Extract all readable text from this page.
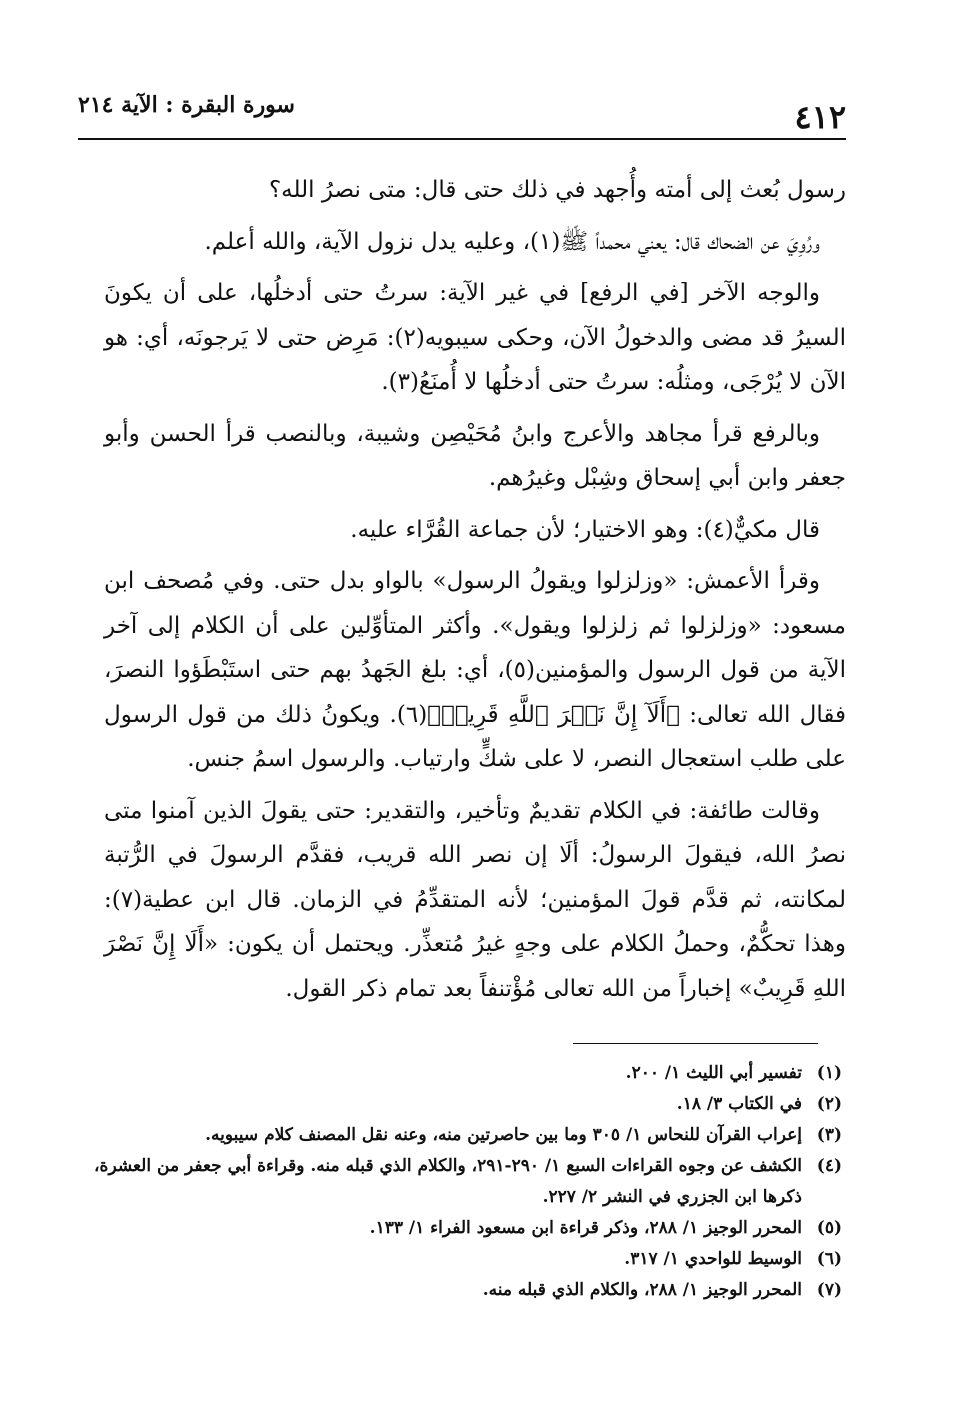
٤١٢
سورة البقرة : الآية ٢١٤

رسول بُعث إلى أمته وأُجهد في ذلك حتى قال: متى نصرُ الله؟

ورُوِيَ عن الضحاك قال: يعني محمداً ﷺ(١)، وعليه يدل نزول الآية، والله أعلم.

والوجه الآخر [في الرفع] في غير الآية: سرتُ حتى أدخلُها، على أن يكونَ السيرُ قد مضى والدخولُ الآن، وحكى سيبويه(٢): مَرِض حتى لا يَرجونَه، أي: هو الآن لا يُرْجَى، ومثلُه: سرتُ حتى أدخلُها لا أُمنَعُ(٣).

وبالرفع قرأ مجاهد والأعرج وابنُ مُحَيْصِن وشيبة، وبالنصب قرأ الحسن وأبو جعفر وابن أبي إسحاق وشِبْل وغيرُهم.

قال مكيٌّ(٤): وهو الاختيار؛ لأن جماعة القُرَّاء عليه.

وقرأ الأعمش: «وزلزلوا ويقولُ الرسول» بالواو بدل حتى. وفي مُصحف ابن مسعود: «وزلزلوا ثم زلزلوا ويقول». وأكثر المتأوِّلين على أن الكلام إلى آخر الآية من قول الرسول والمؤمنين(٥)، أي: بلغ الجَهدُ بهم حتى استَبْطَؤوا النصرَ، فقال الله تعالى: ﴿أَلَآ إِنَّ نَصۡرَ ٱللَّهِ قَرِيبٞ﴾(٦). ويكونُ ذلك من قول الرسول على طلب استعجال النصر، لا على شكٍّ وارتياب. والرسول اسمُ جنس.

وقالت طائفة: في الكلام تقديمٌ وتأخير، والتقدير: حتى يقولَ الذين آمنوا متى نصرُ الله، فيقولَ الرسولُ: ألَا إن نصر الله قريب، فقدَّم الرسولَ في الرُّتبة لمكانته، ثم قدَّم قولَ المؤمنين؛ لأنه المتقدِّمُ في الزمان. قال ابن عطية(٧): وهذا تحكُّمٌ، وحملُ الكلام على وجهٍ غيرُ مُتعذِّر. ويحتمل أن يكون: «أَلَا إِنَّ نَصْرَ اللهِ قَرِيبٌ» إخباراً من الله تعالى مُؤْتنفاً بعد تمام ذكر القول.

(١)
تفسير أبي الليث ١/ ٢٠٠.
(٢)
في الكتاب ٣/ ١٨.
(٣)
إعراب القرآن للنحاس ١/ ٣٠٥ وما بين حاصرتين منه، وعنه نقل المصنف كلام سيبويه.
(٤)
الكشف عن وجوه القراءات السبع ١/ ٢٩٠-٢٩١، والكلام الذي قبله منه. وقراءة أبي جعفر من العشرة، ذكرها ابن الجزري في النشر ٢/ ٢٢٧.
(٥)
المحرر الوجيز ١/ ٢٨٨، وذكر قراءة ابن مسعود الفراء ١/ ١٣٣.
(٦)
الوسيط للواحدي ١/ ٣١٧.
(٧)
المحرر الوجيز ١/ ٢٨٨، والكلام الذي قبله منه.
